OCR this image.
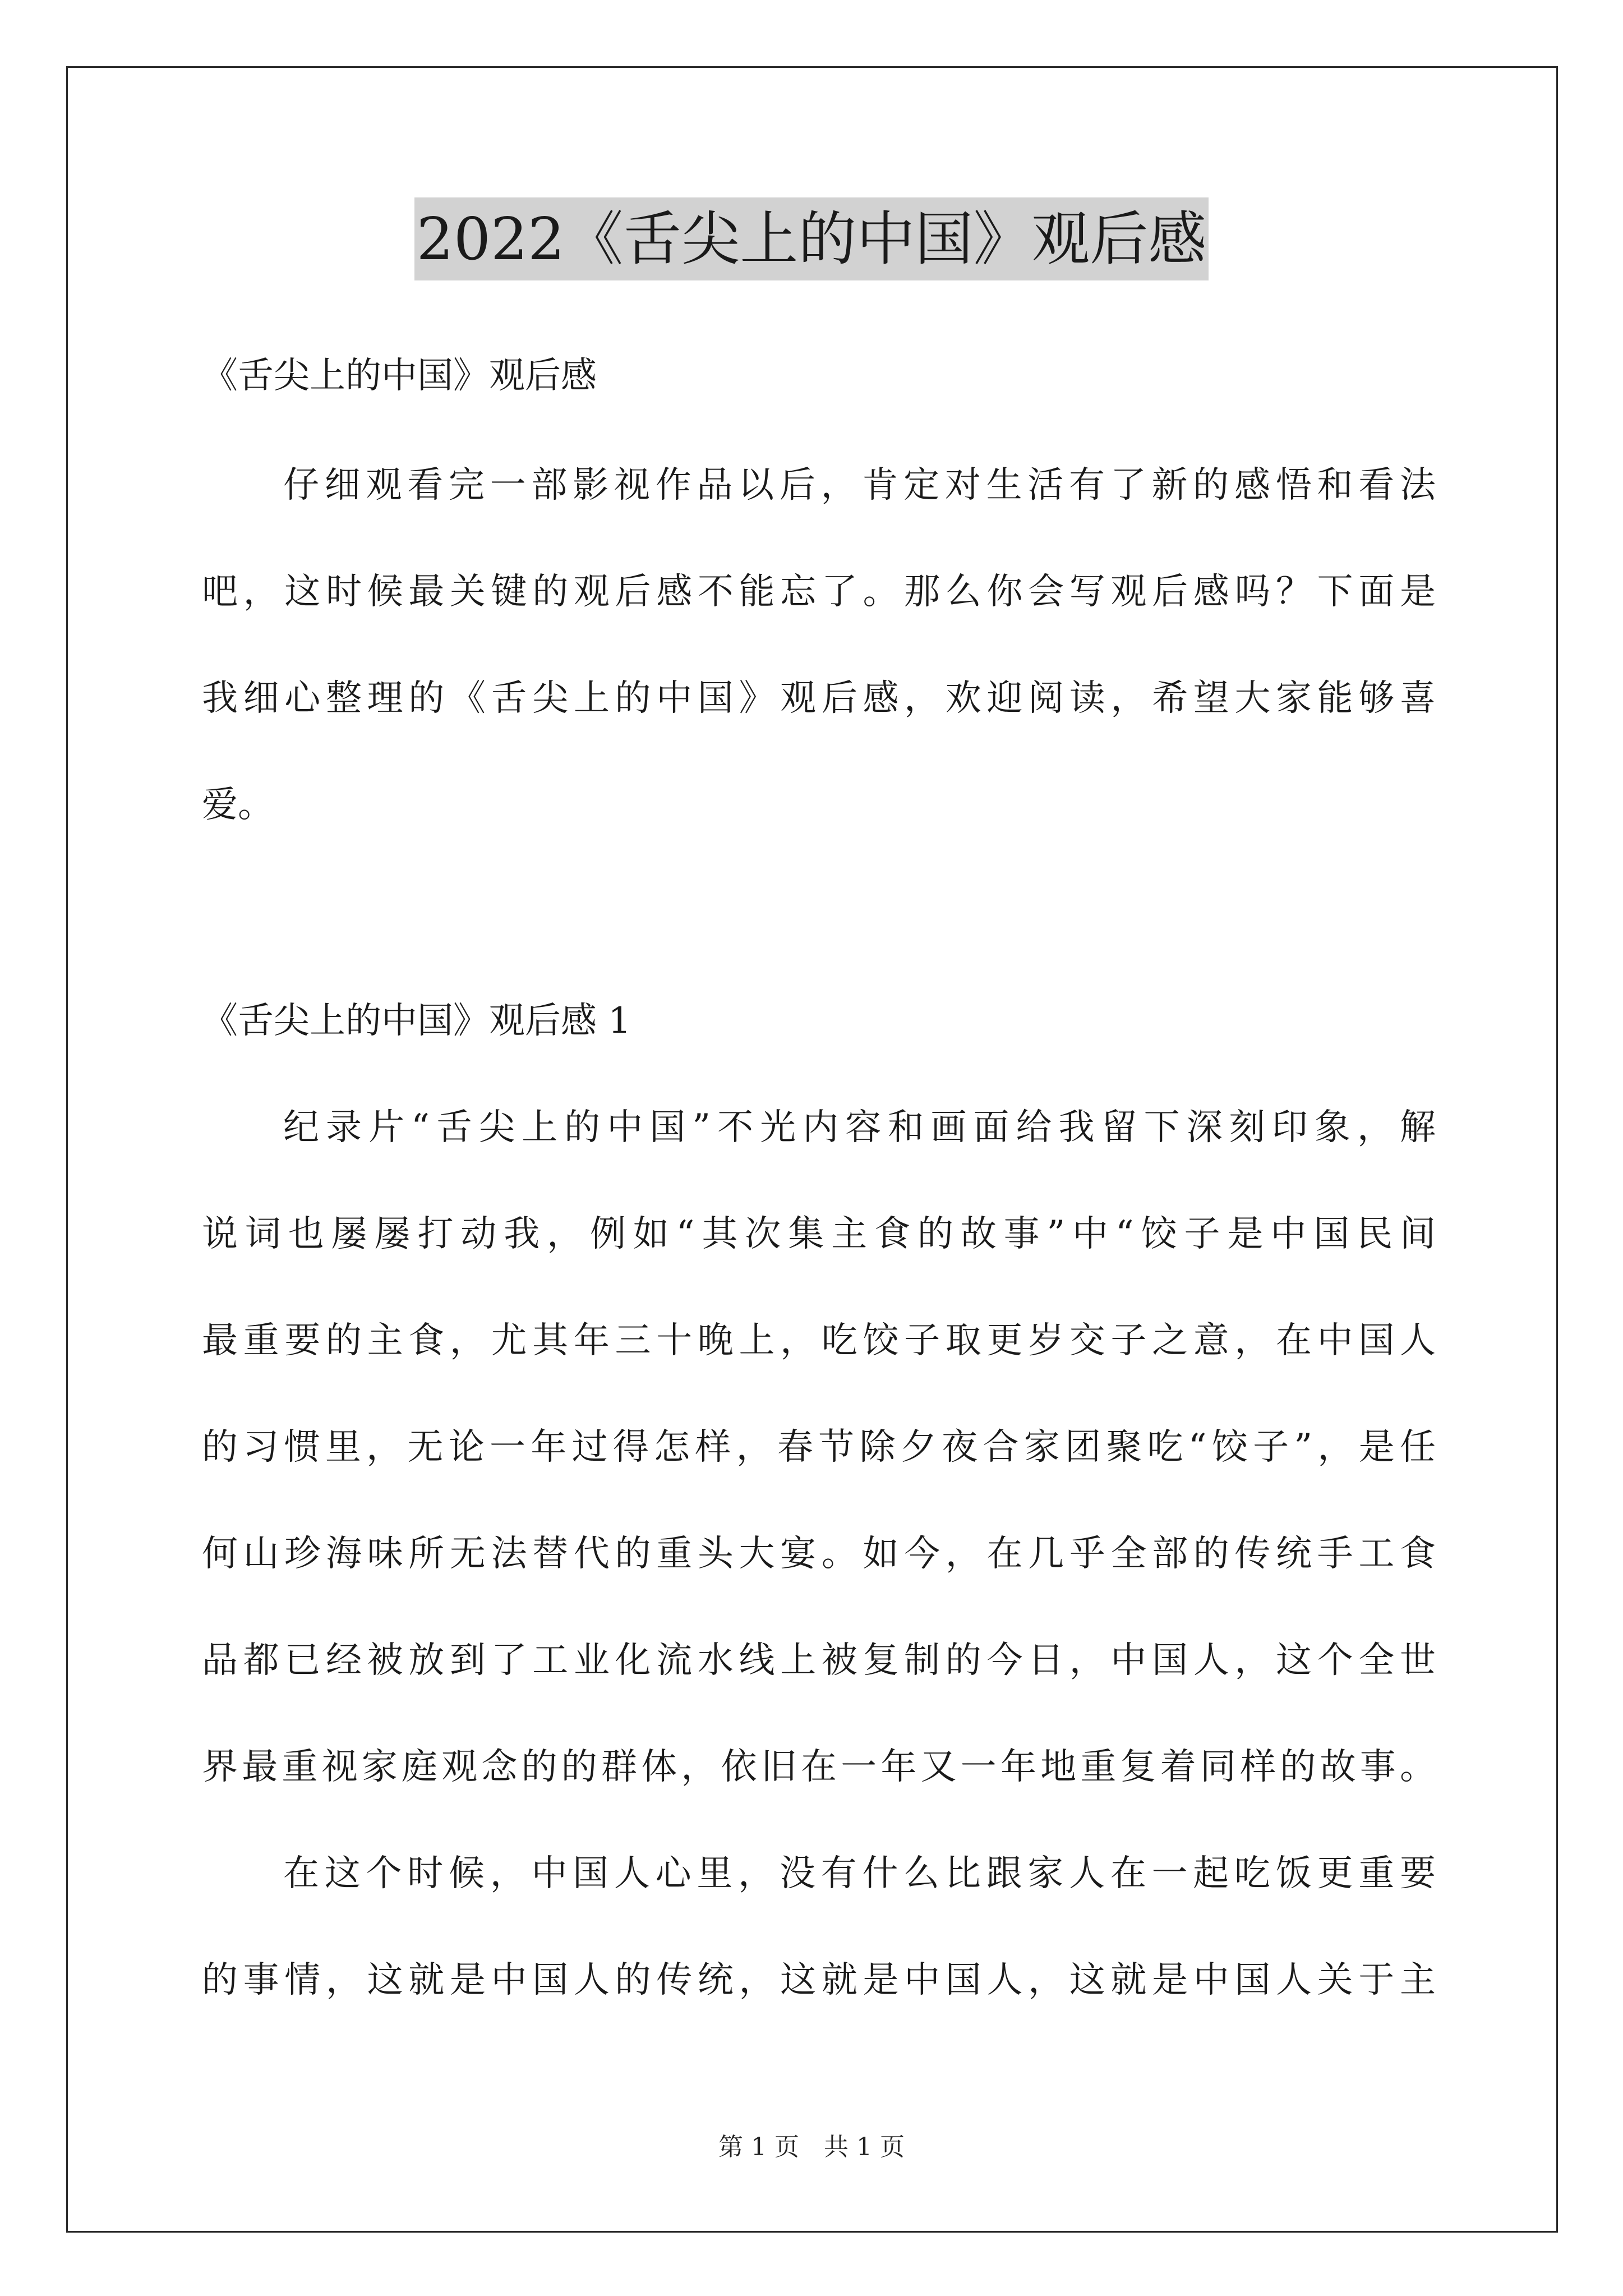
2022《舌尖上的中国》观后感
《舌尖上的中国》观后感
仔细观看完一部影视作品以后，肯定对生活有了新的感悟和看法
吧，这时候最关键的观后感不能忘了。那么你会写观后感吗？下面是
我细心整理的《舌尖上的中国》观后感，欢迎阅读，希望大家能够喜
爱。
《舌尖上的中国》观后感 1
纪录片“舌尖上的中国”不光内容和画面给我留下深刻印象，解
说词也屡屡打动我，例如“其次集主食的故事”中“饺子是中国民间
最重要的主食，尤其年三十晚上，吃饺子取更岁交子之意，在中国人
的习惯里，无论一年过得怎样，春节除夕夜合家团聚吃“饺子”，是任
何山珍海味所无法替代的重头大宴。如今，在几乎全部的传统手工食
品都已经被放到了工业化流水线上被复制的今日，中国人，这个全世
界最重视家庭观念的的群体，依旧在一年又一年地重复着同样的故事。
在这个时候，中国人心里，没有什么比跟家人在一起吃饭更重要
的事情，这就是中国人的传统，这就是中国人，这就是中国人关于主
第 1 页　共 1 页
